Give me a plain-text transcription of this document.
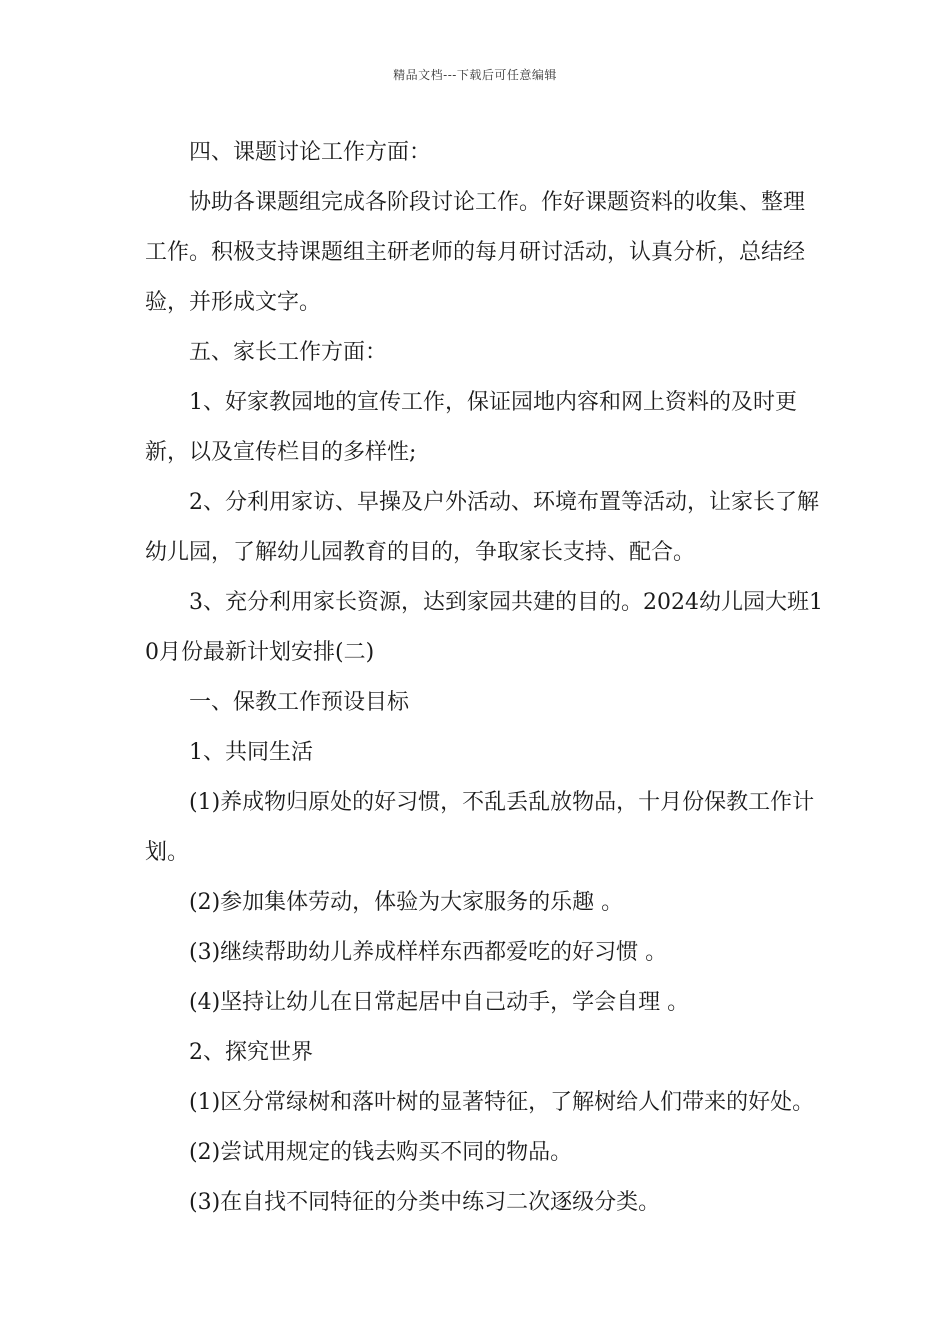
精品文档---下载后可任意编辑

四、课题讨论工作方面：

协助各课题组完成各阶段讨论工作。作好课题资料的收集、整理工作。积极支持课题组主研老师的每月研讨活动，认真分析，总结经验，并形成文字。

五、家长工作方面：

1、好家教园地的宣传工作，保证园地内容和网上资料的及时更新，以及宣传栏目的多样性;

2、分利用家访、早操及户外活动、环境布置等活动，让家长了解幼儿园，了解幼儿园教育的目的，争取家长支持、配合。

3、充分利用家长资源，达到家园共建的目的。2024幼儿园大班10月份最新计划安排(二)

一、保教工作预设目标

1、共同生活

(1)养成物归原处的好习惯，不乱丢乱放物品，十月份保教工作计划。

(2)参加集体劳动，体验为大家服务的乐趣 。

(3)继续帮助幼儿养成样样东西都爱吃的好习惯 。

(4)坚持让幼儿在日常起居中自己动手，学会自理 。

2、探究世界

(1)区分常绿树和落叶树的显著特征，了解树给人们带来的好处。

(2)尝试用规定的钱去购买不同的物品。

(3)在自找不同特征的分类中练习二次逐级分类。
